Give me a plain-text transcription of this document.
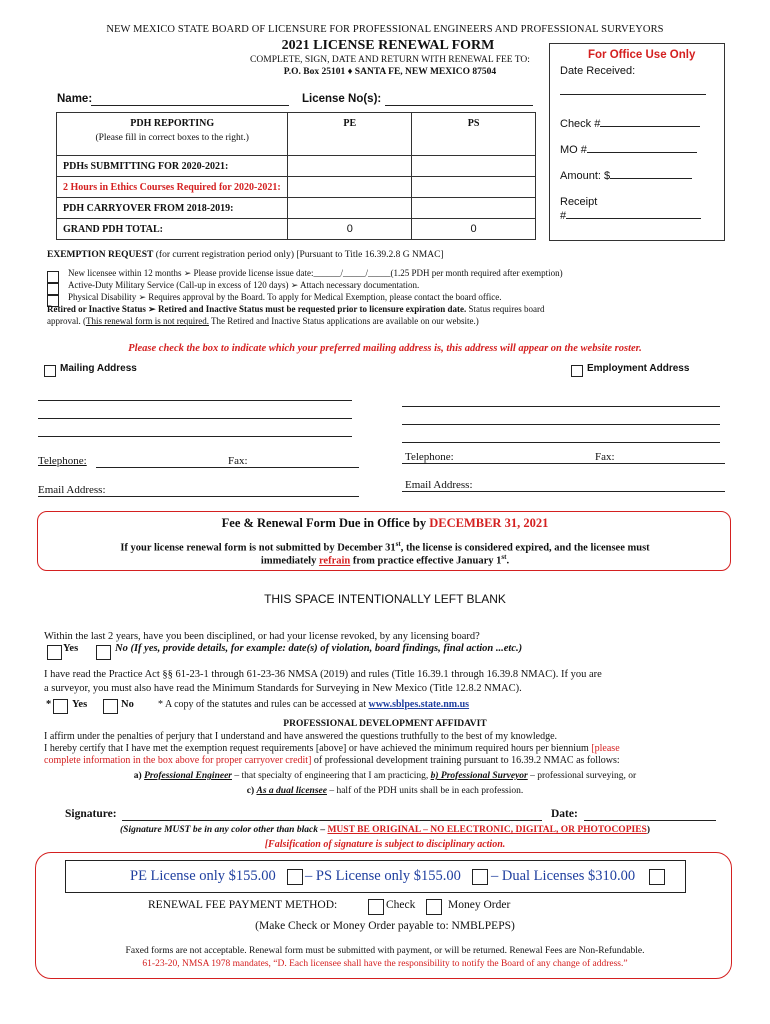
NEW MEXICO STATE BOARD OF LICENSURE FOR PROFESSIONAL ENGINEERS AND PROFESSIONAL SURVEYORS
2021 LICENSE RENEWAL FORM
COMPLETE, SIGN, DATE AND RETURN WITH RENEWAL FEE TO:
P.O. Box 25101 ♦ SANTA FE, NEW MEXICO 87504
For Office Use Only
Date Received:
Check #
MO #
Amount: $
Receipt
#
Name:	License No(s):
PDH REPORTING	PE	PS
(Please fill in correct boxes to the right.)		
PDHs SUBMITTING FOR 2020-2021:		
2 Hours in Ethics Courses Required for 2020-2021:		
PDH CARRYOVER FROM 2018-2019:		
GRAND PDH TOTAL:	0	0
EXEMPTION REQUEST (for current registration period only) [Pursuant to Title 16.39.2.8 G NMAC]
New licensee within 12 months ➢ Please provide license issue date:______/_____/_____(1.25 PDH per month required after exemption)
Active-Duty Military Service (Call-up in excess of 120 days) ➢ Attach necessary documentation.
Physical Disability ➢ Requires approval by the Board. To apply for Medical Exemption, please contact the board office.
Retired or Inactive Status ➢ Retired and Inactive Status must be requested prior to licensure expiration date. Status requires board
approval. (This renewal form is not required. The Retired and Inactive Status applications are available on our website.)
Please check the box to indicate which your preferred mailing address is, this address will appear on the website roster.
Mailing Address	Employment Address
Telephone:	Fax:
Email Address:
Telephone:	Fax:
Email Address:
Fee & Renewal Form Due in Office by DECEMBER 31, 2021
If your license renewal form is not submitted by December 31st, the license is considered expired, and the licensee must
immediately refrain from practice effective January 1st.
THIS SPACE INTENTIONALLY LEFT BLANK
Within the last 2 years, have you been disciplined, or had your license revoked, by any licensing board?
Yes	No (If yes, provide details, for example: date(s) of violation, board findings, final action ...etc.)
I have read the Practice Act §§ 61-23-1 through 61-23-36 NMSA (2019) and rules (Title 16.39.1 through 16.39.8 NMAC). If you are
a surveyor, you must also have read the Minimum Standards for Surveying in New Mexico (Title 12.8.2 NMAC).
* Yes	No * A copy of the statutes and rules can be accessed at www.sblpes.state.nm.us
PROFESSIONAL DEVELOPMENT AFFIDAVIT
I affirm under the penalties of perjury that I understand and have answered the questions truthfully to the best of my knowledge.
I hereby certify that I have met the exemption request requirements [above] or have achieved the minimum required hours per biennium [please
complete information in the box above for proper carryover credit] of professional development training pursuant to 16.39.2 NMAC as follows:
a) Professional Engineer – that specialty of engineering that I am practicing, b) Professional Surveyor – professional surveying, or
c) As a dual licensee – half of the PDH units shall be in each profession.
Signature:	Date:
(Signature MUST be in any color other than black – MUST BE ORIGINAL – NO ELECTRONIC, DIGITAL, OR PHOTOCOPIES)
[Falsification of signature is subject to disciplinary action.
PE License only $155.00 – PS License only $155.00 – Dual Licenses $310.00
RENEWAL FEE PAYMENT METHOD:	Check	Money Order
(Make Check or Money Order payable to: NMBLPEPS)
Faxed forms are not acceptable. Renewal form must be submitted with payment, or will be returned. Renewal Fees are Non-Refundable.
61-23-20, NMSA 1978 mandates, “D. Each licensee shall have the responsibility to notify the Board of any change of address.”
